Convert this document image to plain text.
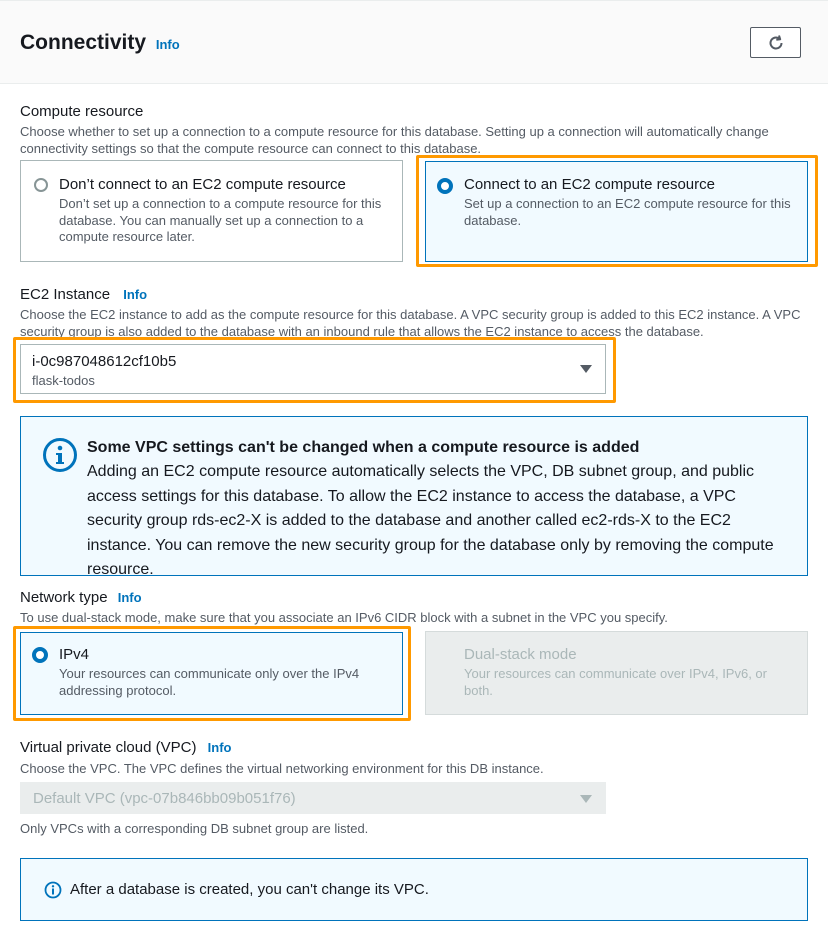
Connectivity Info
Compute resource
Choose whether to set up a connection to a compute resource for this database. Setting up a connection will automatically change connectivity settings so that the compute resource can connect to this database.
Don’t connect to an EC2 compute resource
Don’t set up a connection to a compute resource for this database. You can manually set up a connection to a compute resource later.
Connect to an EC2 compute resource
Set up a connection to an EC2 compute resource for this database.
EC2 Instance Info
Choose the EC2 instance to add as the compute resource for this database. A VPC security group is added to this EC2 instance. A VPC security group is also added to the database with an inbound rule that allows the EC2 instance to access the database.
i-0c987048612cf10b5
flask-todos
Some VPC settings can't be changed when a compute resource is added
Adding an EC2 compute resource automatically selects the VPC, DB subnet group, and public access settings for this database. To allow the EC2 instance to access the database, a VPC security group rds-ec2-X is added to the database and another called ec2-rds-X to the EC2 instance. You can remove the new security group for the database only by removing the compute resource.
Network type Info
To use dual-stack mode, make sure that you associate an IPv6 CIDR block with a subnet in the VPC you specify.
IPv4
Your resources can communicate only over the IPv4 addressing protocol.
Dual-stack mode
Your resources can communicate over IPv4, IPv6, or both.
Virtual private cloud (VPC) Info
Choose the VPC. The VPC defines the virtual networking environment for this DB instance.
Default VPC (vpc-07b846bb09b051f76)
Only VPCs with a corresponding DB subnet group are listed.
After a database is created, you can't change its VPC.
